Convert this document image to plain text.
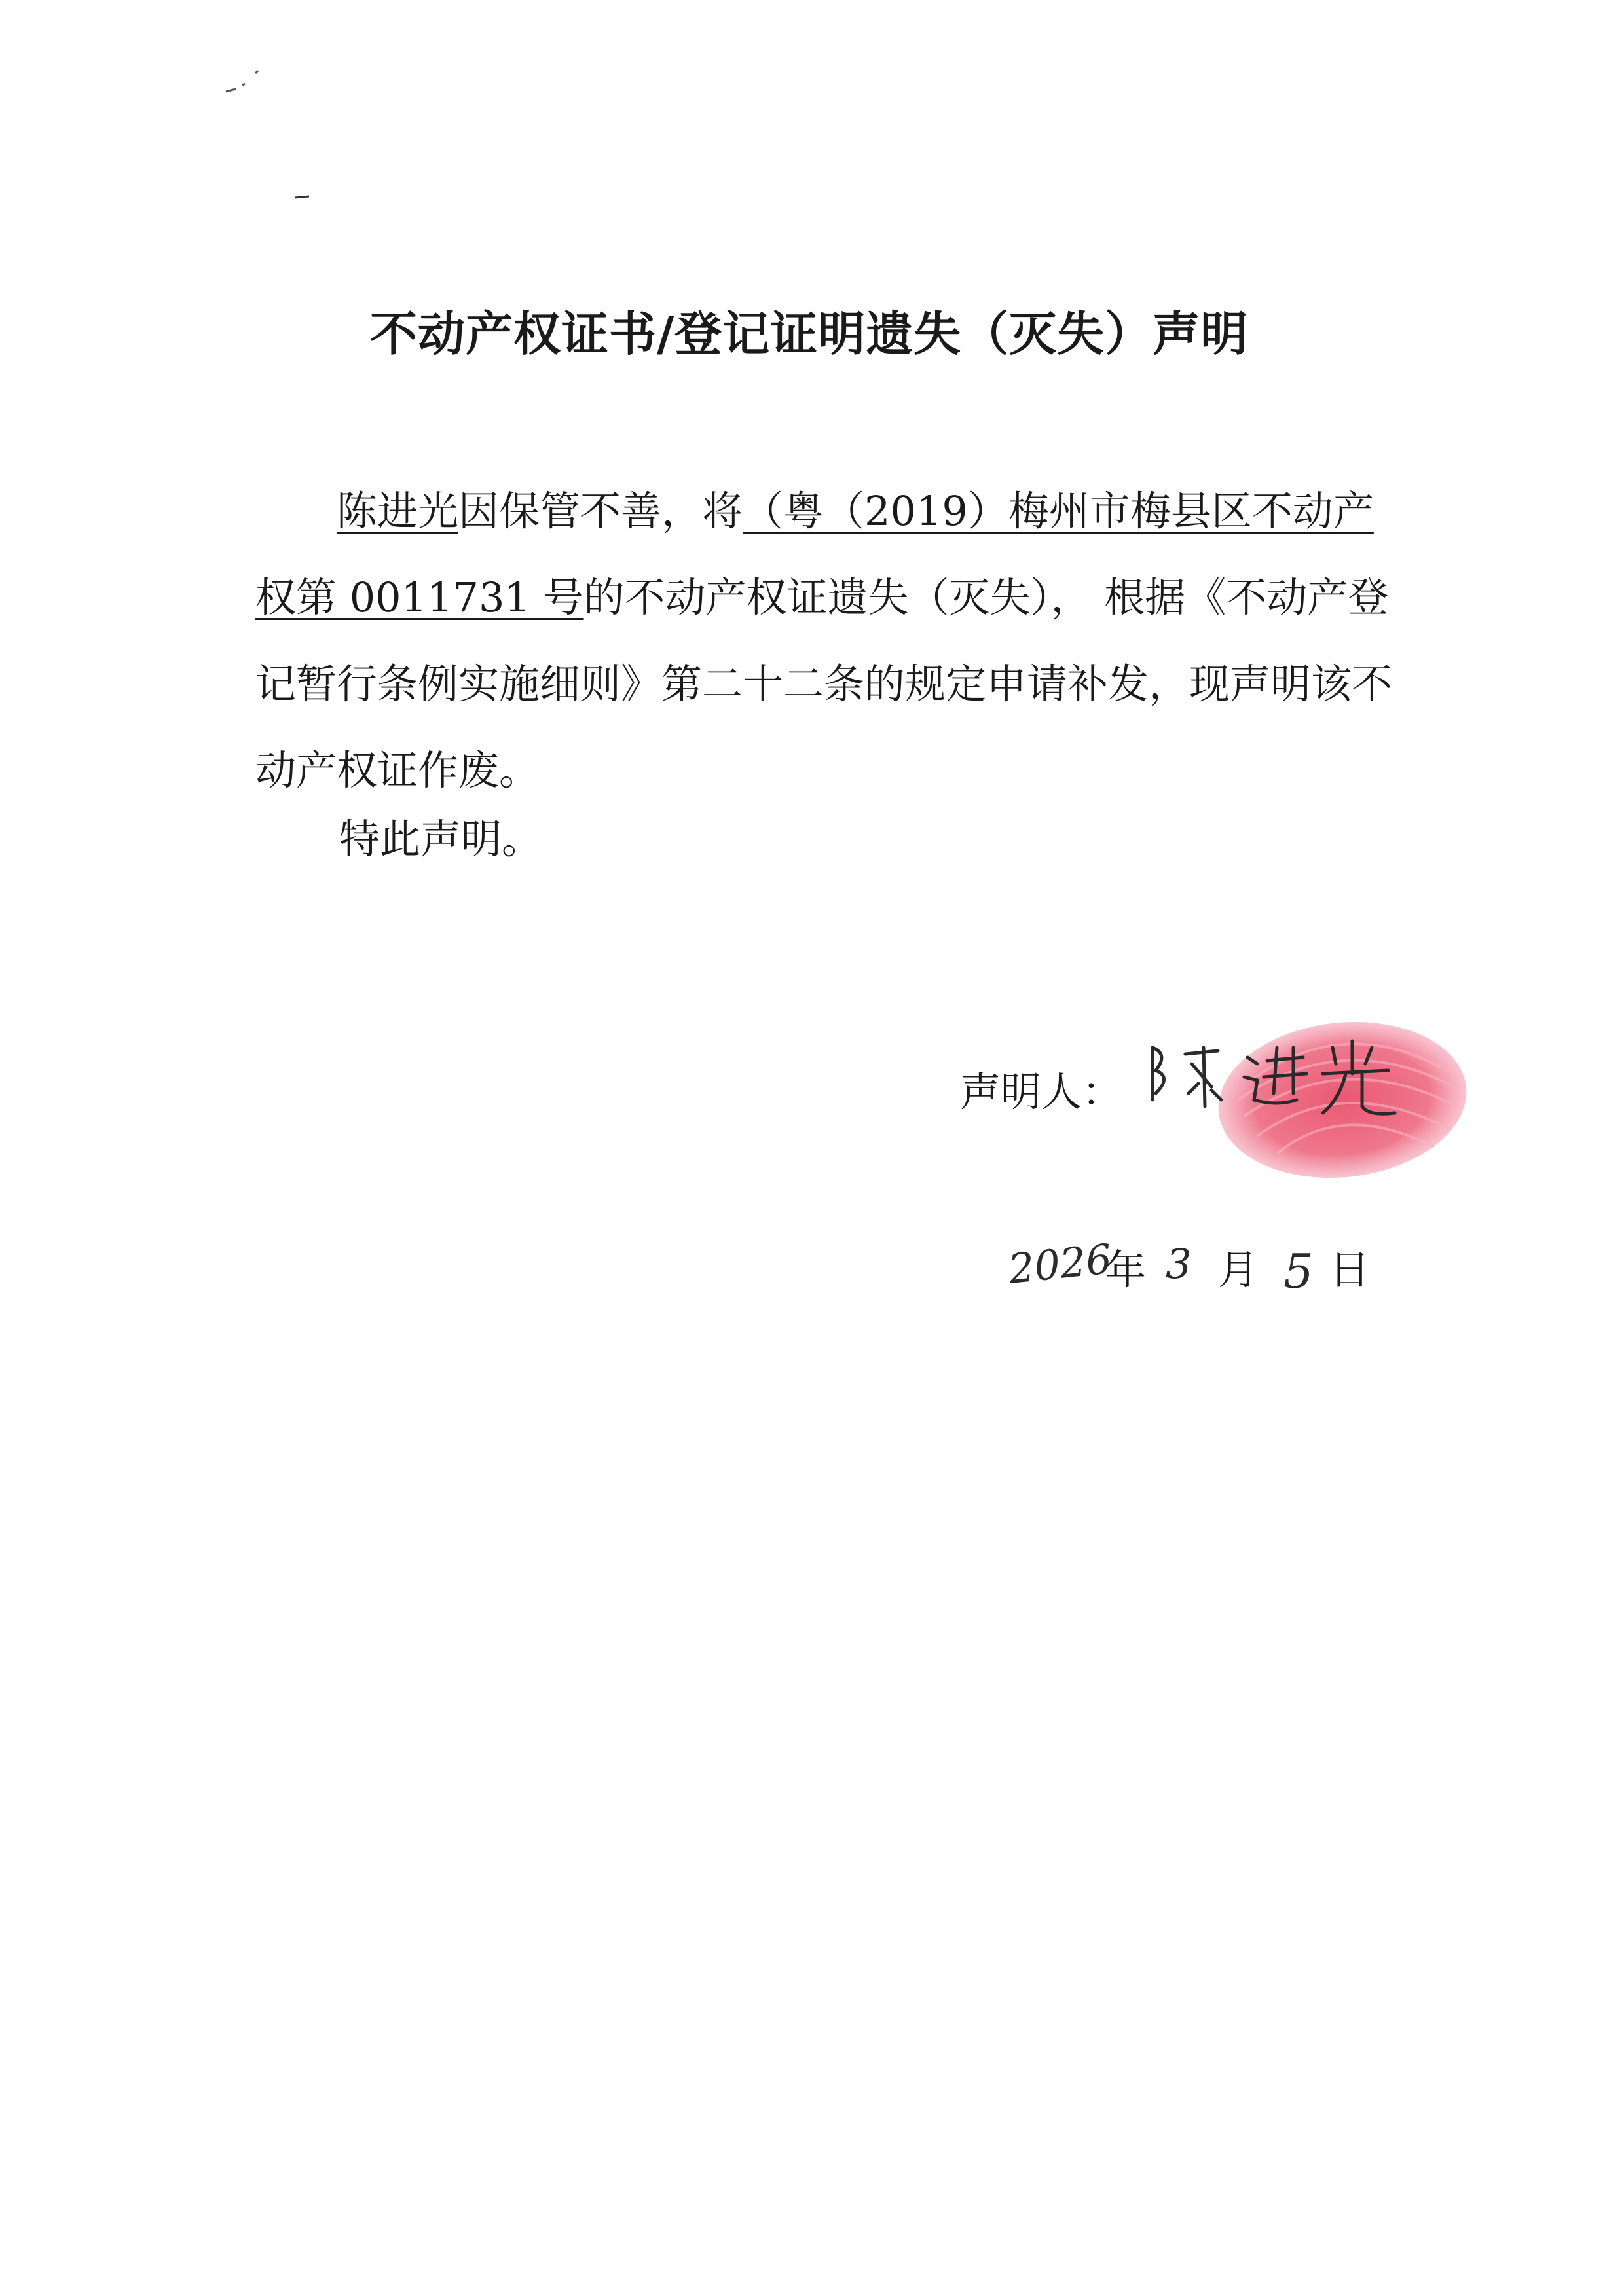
不动产权证书/登记证明遗失（灭失）声明
陈进光因保管不善，将（粤（2019）梅州市梅县区不动产权第 0011731 号的不动产权证遗失（灭失）， 根据《不动产登记暂行条例实施细则》第二十二条的规定申请补发，现声明该不动产权证作废。
特此声明。
声明人：
2026
年 3 月 5 日
